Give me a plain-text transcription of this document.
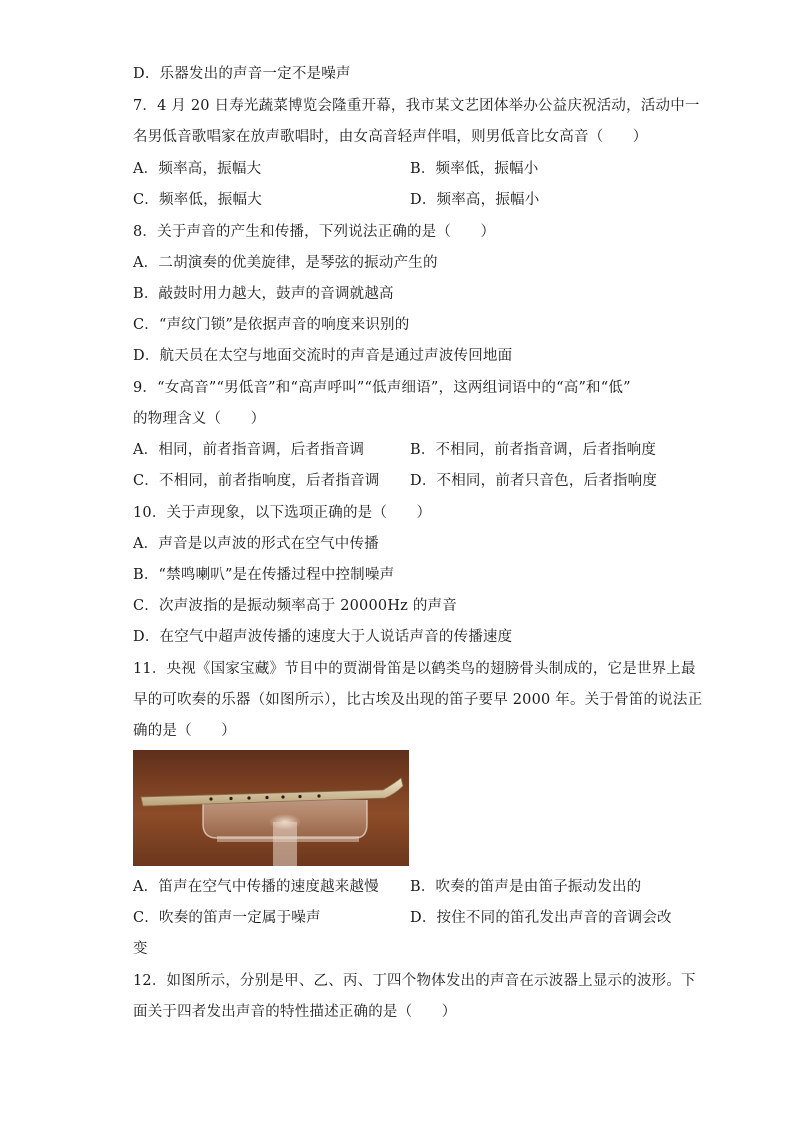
D．乐器发出的声音一定不是噪声
7．4 月 20 日寿光蔬菜博览会隆重开幕，我市某文艺团体举办公益庆祝活动，活动中一
名男低音歌唱家在放声歌唱时，由女高音轻声伴唱，则男低音比女高音（　　）
A．频率高，振幅大	B．频率低，振幅小
C．频率低，振幅大	D．频率高，振幅小
8．关于声音的产生和传播，下列说法正确的是（　　）
A．二胡演奏的优美旋律，是琴弦的振动产生的
B．敲鼓时用力越大，鼓声的音调就越高
C．“声纹门锁”是依据声音的响度来识别的
D．航天员在太空与地面交流时的声音是通过声波传回地面
9．“女高音”“男低音”和“高声呼叫”“低声细语”，这两组词语中的“高”和“低”
的物理含义（　　）
A．相同，前者指音调，后者指音调	B．不相同，前者指音调，后者指响度
C．不相同，前者指响度，后者指音调 D．不相同，前者只音色，后者指响度
10．关于声现象，以下选项正确的是（　　）
A．声音是以声波的形式在空气中传播
B．“禁鸣喇叭”是在传播过程中控制噪声
C．次声波指的是振动频率高于 20000Hz 的声音
D．在空气中超声波传播的速度大于人说话声音的传播速度
11．央视《国家宝藏》节目中的贾湖骨笛是以鹤类鸟的翅膀骨头制成的，它是世界上最
早的可吹奏的乐器（如图所示），比古埃及出现的笛子要早 2000 年。关于骨笛的说法正
确的是（　　）
A．笛声在空气中传播的速度越来越慢 B．吹奏的笛声是由笛子振动发出的
C．吹奏的笛声一定属于噪声	D．按住不同的笛孔发出声音的音调会改
变
12．如图所示，分别是甲、乙、丙、丁四个物体发出的声音在示波器上显示的波形。下
面关于四者发出声音的特性描述正确的是（　　）
